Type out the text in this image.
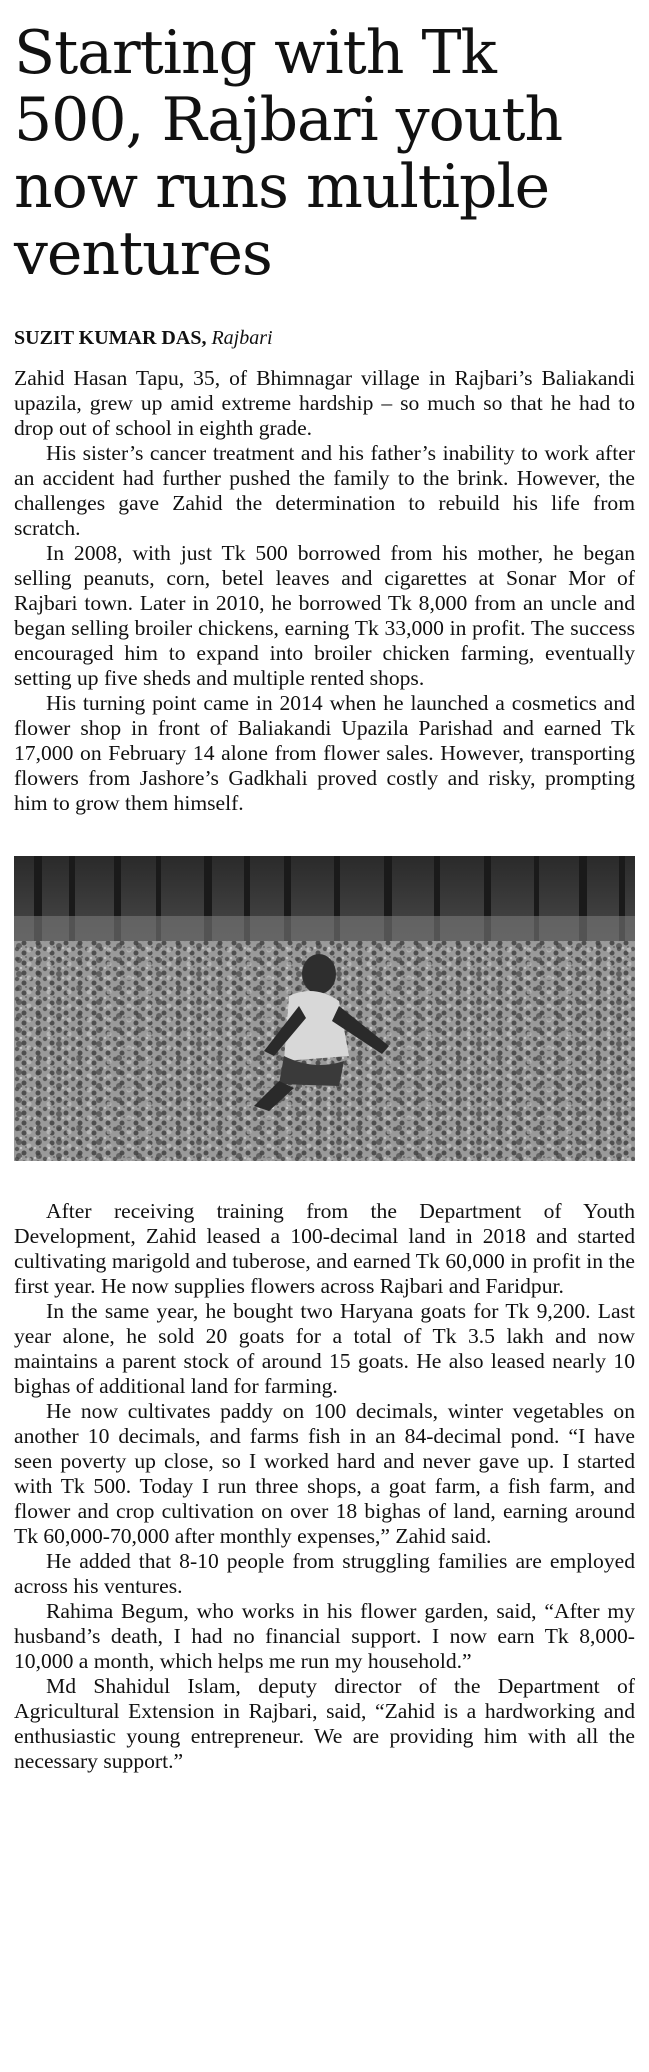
Starting with Tk 500, Rajbari youth now runs multiple ventures
SUZIT KUMAR DAS, Rajbari

Zahid Hasan Tapu, 35, of Bhimnagar village in Rajbari’s Baliakandi upazila, grew up amid extreme hardship – so much so that he had to drop out of school in eighth grade.

His sister’s cancer treatment and his father’s inability to work after an accident had further pushed the family to the brink. However, the challenges gave Zahid the determination to rebuild his life from scratch.

In 2008, with just Tk 500 borrowed from his mother, he began selling peanuts, corn, betel leaves and cigarettes at Sonar Mor of Rajbari town. Later in 2010, he borrowed Tk 8,000 from an uncle and began selling broiler chickens, earning Tk 33,000 in profit. The success encouraged him to expand into broiler chicken farming, eventually setting up five sheds and multiple rented shops.

His turning point came in 2014 when he launched a cosmetics and flower shop in front of Baliakandi Upazila Parishad and earned Tk 17,000 on February 14 alone from flower sales. However, transporting flowers from Jashore’s Gadkhali proved costly and risky, prompting him to grow them himself.

After receiving training from the Department of Youth Development, Zahid leased a 100-decimal land in 2018 and started cultivating marigold and tuberose, and earned Tk 60,000 in profit in the first year. He now supplies flowers across Rajbari and Faridpur.

In the same year, he bought two Haryana goats for Tk 9,200. Last year alone, he sold 20 goats for a total of Tk 3.5 lakh and now maintains a parent stock of around 15 goats. He also leased nearly 10 bighas of additional land for farming.

He now cultivates paddy on 100 decimals, winter vegetables on another 10 decimals, and farms fish in an 84-decimal pond. “I have seen poverty up close, so I worked hard and never gave up. I started with Tk 500. Today I run three shops, a goat farm, a fish farm, and flower and crop cultivation on over 18 bighas of land, earning around Tk 60,000-70,000 after monthly expenses,” Zahid said.

He added that 8-10 people from struggling families are employed across his ventures.

Rahima Begum, who works in his flower garden, said, “After my husband’s death, I had no financial support. I now earn Tk 8,000-10,000 a month, which helps me run my household.”

Md Shahidul Islam, deputy director of the Department of Agricultural Extension in Rajbari, said, “Zahid is a hardworking and enthusiastic young entrepreneur. We are providing him with all the necessary support.”
